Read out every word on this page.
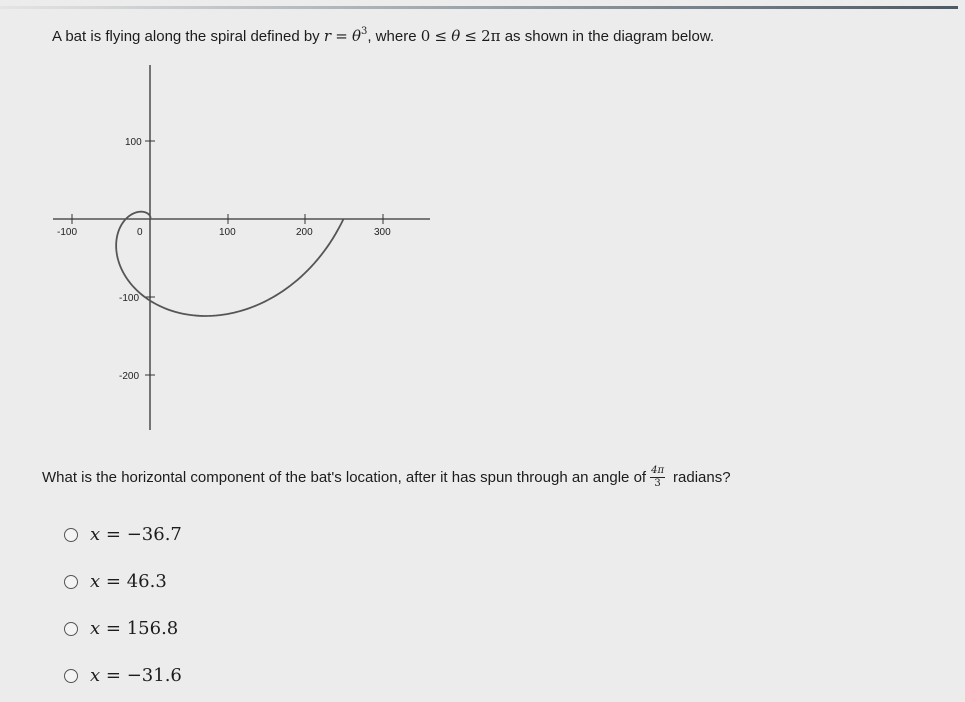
A bat is flying along the spiral defined by $r = \theta^3$, where 0 ≤ θ ≤ 2π as shown in the diagram below.
-100	0	100	200	300
100
-100
-200
What is the horizontal component of the bat's location, after it has spun through an angle of $\frac{4\pi}{3}$ radians?
x = −36.7
x = 46.3
x = 156.8
x = −31.6
